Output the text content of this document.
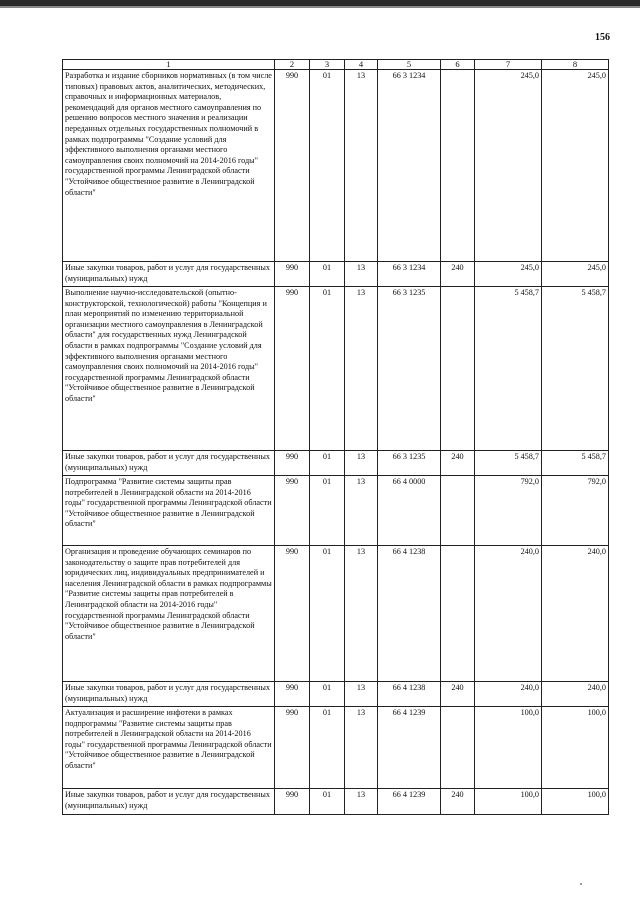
156
1	2	3	4	5	6	7	8
Разработка и издание сборников нормативных (в том числе типовых) правовых актов, аналитических, методических, справочных и информационных материалов, рекомендаций для органов местного самоуправления по решению вопросов местного значения и реализации переданных отдельных государственных полномочий в рамках подпрограммы "Создание условий для эффективного выполнения органами местного самоуправления своих полномочий на 2014-2016 годы" государственной программы Ленинградской области "Устойчивое общественное развитие в Ленинградской области"	990	01	13	66 3 1234		245,0	245,0
Иные закупки товаров, работ и услуг для государственных (муниципальных) нужд	990	01	13	66 3 1234	240	245,0	245,0
Выполнение научно-исследовательской (опытно-конструкторской, технологической) работы "Концепция и план мероприятий по изменению территориальной организации местного самоуправления в Ленинградской области" для государственных нужд Ленинградской области в рамках подпрограммы "Создание условий для эффективного выполнения органами местного самоуправления своих полномочий на 2014-2016 годы" государственной программы Ленинградской области "Устойчивое общественное развитие в Ленинградской области"	990	01	13	66 3 1235		5 458,7	5 458,7
Иные закупки товаров, работ и услуг для государственных (муниципальных) нужд	990	01	13	66 3 1235	240	5 458,7	5 458,7
Подпрограмма "Развитие системы защиты прав потребителей в Ленинградской области на 2014-2016 годы" государственной программы Ленинградской области "Устойчивое общественное развитие в Ленинградской области"	990	01	13	66 4 0000		792,0	792,0
Организация и проведение обучающих семинаров по законодательству о защите прав потребителей для юридических лиц, индивидуальных предпринимателей и населения Ленинградской области в рамках подпрограммы "Развитие системы защиты прав потребителей в Ленинградской области на 2014-2016 годы" государственной программы Ленинградской области "Устойчивое общественное развитие в Ленинградской области"	990	01	13	66 4 1238		240,0	240,0
Иные закупки товаров, работ и услуг для государственных (муниципальных) нужд	990	01	13	66 4 1238	240	240,0	240,0
Актуализация и расширение инфотеки в рамках подпрограммы "Развитие системы защиты прав потребителей в Ленинградской области на 2014-2016 годы" государственной программы Ленинградской области "Устойчивое общественное развитие в Ленинградской области"	990	01	13	66 4 1239		100,0	100,0
Иные закупки товаров, работ и услуг для государственных (муниципальных) нужд	990	01	13	66 4 1239	240	100,0	100,0
